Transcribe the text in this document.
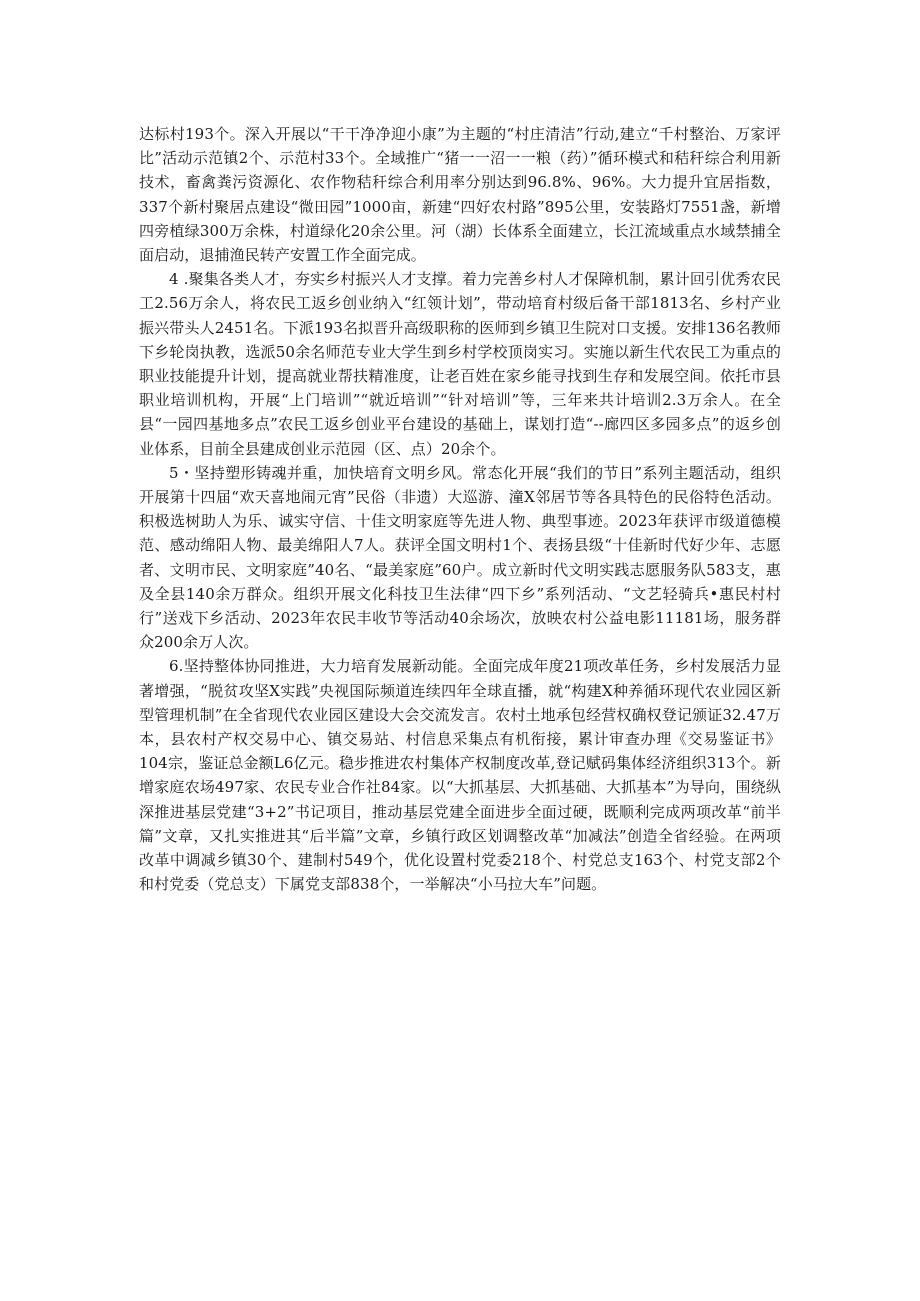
达标村193个。深入开展以“干干净净迎小康”为主题的“村庄清洁”行动,建立“千村整治、万家评比”活动示范镇2个、示范村33个。全域推广“猪一一沼一一粮（药）”循环模式和秸秆综合利用新技术，畜禽粪污资源化、农作物秸秆综合利用率分别达到96.8%、96%。大力提升宜居指数，337个新村聚居点建设“微田园”1000亩，新建“四好农村路”895公里，安装路灯7551盏，新增四旁植绿300万余株，村道绿化20余公里。河（湖）长体系全面建立，长江流域重点水域禁捕全面启动，退捕渔民转产安置工作全面完成。

4 .聚集各类人才，夯实乡村振兴人才支撑。着力完善乡村人才保障机制，累计回引优秀农民工2.56万余人，将农民工返乡创业纳入“红领计划”，带动培育村级后备干部1813名、乡村产业振兴带头人2451名。下派193名拟晋升高级职称的医师到乡镇卫生院对口支援。安排136名教师下乡轮岗执教，选派50余名师范专业大学生到乡村学校顶岗实习。实施以新生代农民工为重点的职业技能提升计划，提高就业帮扶精准度，让老百姓在家乡能寻找到生存和发展空间。依托市县职业培训机构，开展“上门培训”“就近培训”“针对培训”等，三年来共计培训2.3万余人。在全县“一园四基地多点”农民工返乡创业平台建设的基础上，谋划打造“--廊四区多园多点”的返乡创业体系，目前全县建成创业示范园（区、点）20余个。

5・坚持塑形铸魂并重，加快培育文明乡风。常态化开展“我们的节日”系列主题活动，组织开展第十四届“欢天喜地闹元宵”民俗（非遗）大巡游、潼X邻居节等各具特色的民俗特色活动。积极选树助人为乐、诚实守信、十佳文明家庭等先进人物、典型事迹。2023年获评市级道德模范、感动绵阳人物、最美绵阳人7人。获评全国文明村1个、表扬县级“十佳新时代好少年、志愿者、文明市民、文明家庭”40名、“最美家庭”60户。成立新时代文明实践志愿服务队583支，惠及全县140余万群众。组织开展文化科技卫生法律“四下乡”系列活动、“文艺轻骑兵•惠民村村行”送戏下乡活动、2023年农民丰收节等活动40余场次，放映农村公益电影11181场，服务群众200余万人次。

6.坚持整体协同推进，大力培育发展新动能。全面完成年度21项改革任务，乡村发展活力显著增强，“脱贫攻坚X实践”央视国际频道连续四年全球直播，就“构建X种养循环现代农业园区新型管理机制”在全省现代农业园区建设大会交流发言。农村土地承包经营权确权登记颁证32.47万本，县农村产权交易中心、镇交易站、村信息采集点有机衔接，累计审查办理《交易鉴证书》104宗，鉴证总金额L6亿元。稳步推进农村集体产权制度改革,登记赋码集体经济组织313个。新增家庭农场497家、农民专业合作社84家。以“大抓基层、大抓基础、大抓基本”为导向，围绕纵深推进基层党建“3+2”书记项目，推动基层党建全面进步全面过硬，既顺利完成两项改革“前半篇”文章，又扎实推进其“后半篇”文章，乡镇行政区划调整改革“加减法”创造全省经验。在两项改革中调减乡镇30个、建制村549个，优化设置村党委218个、村党总支163个、村党支部2个和村党委（党总支）下属党支部838个，一举解决“小马拉大车”问题。
